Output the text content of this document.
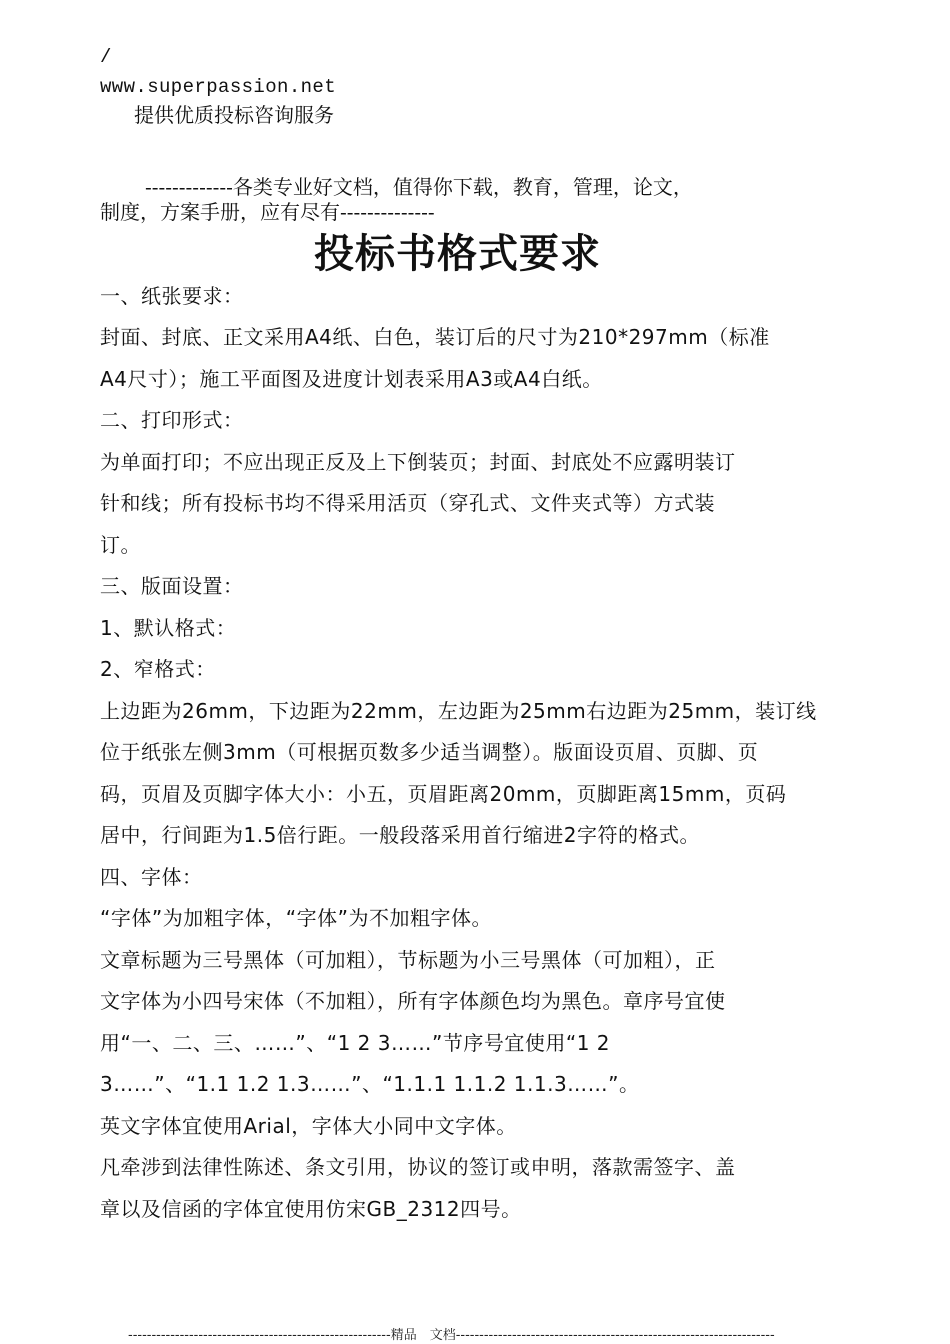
/
www.superpassion.net
提供优质投标咨询服务
-------------各类专业好文档，值得你下载，教育，管理，论文，
制度，方案手册，应有尽有--------------
投标书格式要求
一、纸张要求：
封面、封底、正文采用A4纸、白色，装订后的尺寸为210*297mm（标准
A4尺寸）；施工平面图及进度计划表采用A3或A4白纸。
二、打印形式：
为单面打印；不应出现正反及上下倒装页；封面、封底处不应露明装订
针和线；所有投标书均不得采用活页（穿孔式、文件夹式等）方式装
订。
三、版面设置：
1、默认格式：
2、窄格式：
上边距为26mm，下边距为22mm，左边距为25mm右边距为25mm，装订线
位于纸张左侧3mm（可根据页数多少适当调整）。版面设页眉、页脚、页
码，页眉及页脚字体大小：小五，页眉距离20mm，页脚距离15mm，页码
居中，行间距为1.5倍行距。一般段落采用首行缩进2字符的格式。
四、字体：
“字体”为加粗字体，“字体”为不加粗字体。
文章标题为三号黑体（可加粗），节标题为小三号黑体（可加粗），正
文字体为小四号宋体（不加粗），所有字体颜色均为黑色。章序号宜使
用“一、二、三、……”、“1 2 3……”节序号宜使用“1 2
3……”、“1.1 1.2 1.3……”、“1.1.1 1.1.2 1.1.3……”。
英文字体宜使用Arial，字体大小同中文字体。
凡牵涉到法律性陈述、条文引用，协议的签订或申明，落款需签字、盖
章以及信函的字体宜使用仿宋GB_2312四号。
--------------------------------------------------------精品　文档--------------------------------------------------------------------
